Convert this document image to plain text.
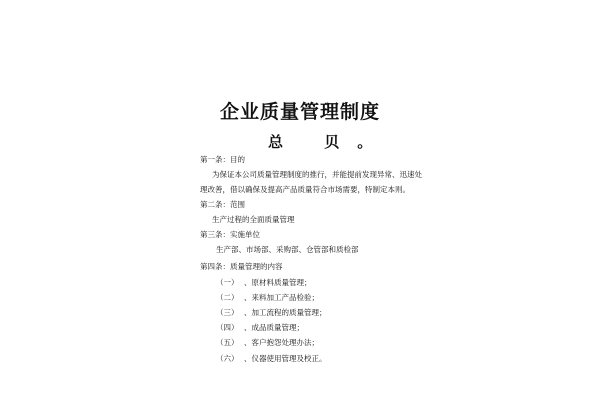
企业质量管理制度
总 贝。
第一条：目的
为保证本公司质量管理制度的推行，并能提前发现异常、迅速处
理改善，借以确保及提高产品质量符合市场需要，特制定本则。
第二条：范围
生产过程的全面质量管理
第三条：实施单位
生产部、市场部、采购部、仓管部和质检部
第四条：质量管理的内容
（一） 、原材料质量管理；
（二） 、来料加工产品检验；
（三） 、加工流程的质量管理；
（四） 、成品质量管理；
（五） 、客户抱怨处理办法；
（六） 、仪器使用管理及校正。
